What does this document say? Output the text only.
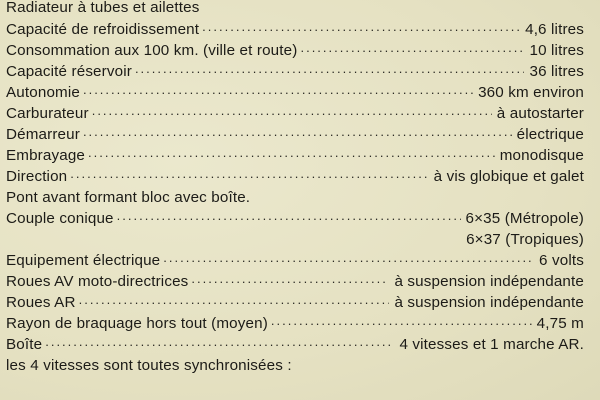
Radiateur à tubes et ailettes
Capacité de refroidissement .....	4,6 litres
Consommation aux 100 km. (ville et route) .....	10 litres
Capacité réservoir .....	36 litres
Autonomie .....	360 km environ
Carburateur .....	à autostarter
Démarreur .....	électrique
Embrayage .....	monodisque
Direction .....	à vis globique et galet
Pont avant formant bloc avec boîte.
Couple conique .....	6×35 (Métropole)
6×37 (Tropiques)
Equipement électrique .....	6 volts
Roues AV moto-directrices .....	à suspension indépendante
Roues AR .....	à suspension indépendante
Rayon de braquage hors tout (moyen) .....	4,75 m
Boîte .....	4 vitesses et 1 marche AR.
les 4 vitesses sont toutes synchronisées :
